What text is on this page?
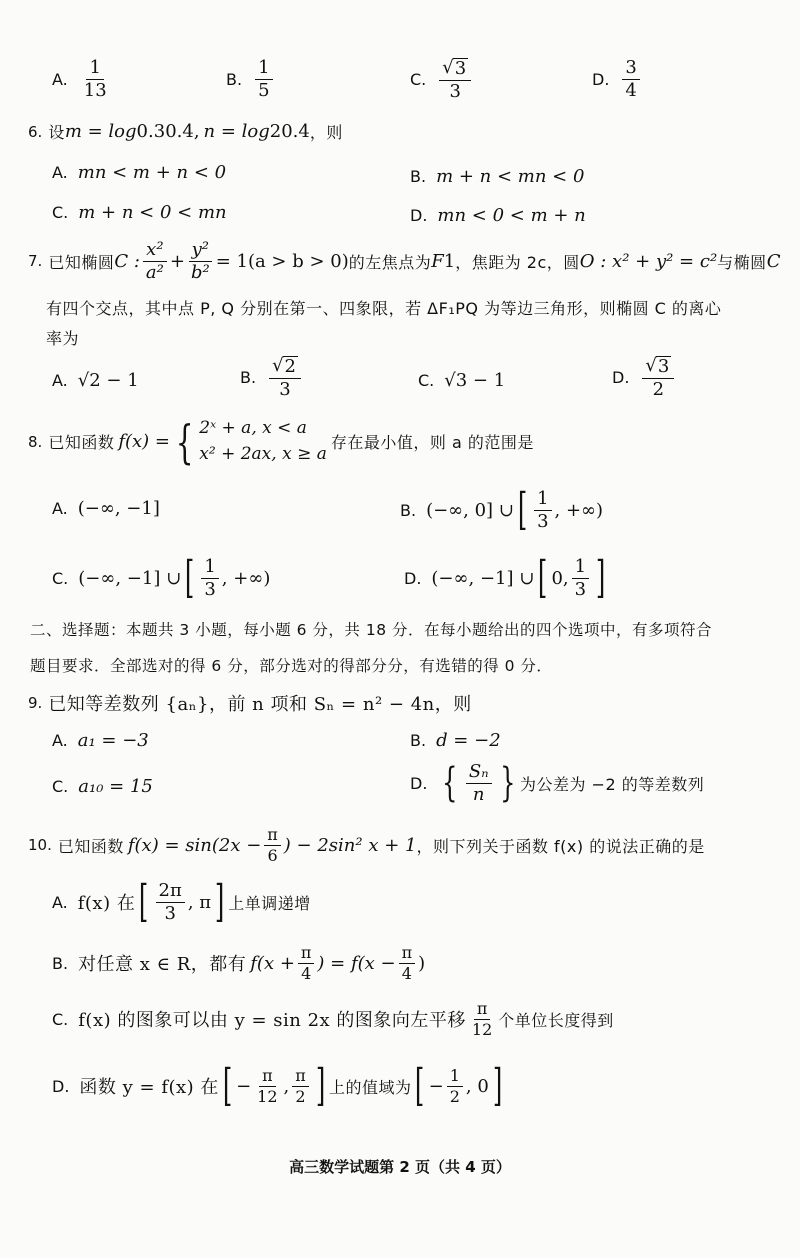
A. $\frac{1}{13}$	B. $\frac{1}{5}$	C. $\frac{√ 3}{3}$	D. $\frac{3}{4}$
6. 设 m = log 0.3 0.4, n = log 2 0.4 ，则
A. mn < m + n < 0	B. m + n < mn < 0
C. m + n < 0 < mn	D. mn < 0 < m + n
7. 已知椭圆 C : $\frac{\text{x²}}{\text{a²}} + \frac{\text{y²}}{\text{b²}} = 1(a > b > 0)$ 的左焦点为 F 1 ，焦距为 2c，圆 O : x² + y² = c² 与椭圆 C
有四个交点，其中点 P, Q 分别在第一、四象限，若 ΔF₁PQ 为等边三角形，则椭圆 C 的离心
率为
A. √2 − 1	B. $\frac{√ 2}{3}$	C. √3 − 1	D. $\frac{√ 3}{2}$
8. 已知函数 f(x) = { 2ˣ + a, x < a
x² + 2ax, x ≥ a
存在最小值，则 a 的范围是
A. (−∞, −1]	B. (−∞, 0] ∪ [ $\frac{1}{3}$ , +∞)
C. (−∞, −1] ∪ [ $\frac{1}{3}$ , +∞)	D. (−∞, −1] ∪ [ 0, $\frac{1}{3}$ ]
二、选择题：本题共 3 小题，每小题 6 分，共 18 分．在每小题给出的四个选项中，有多项符合
题目要求．全部选对的得 6 分，部分选对的得部分分，有选错的得 0 分．
9. 已知等差数列 {aₙ}，前 n 项和 Sₙ = n² − 4n，则
A. a₁ = −3	B. d = −2
C. a₁₀ = 15	D. { $\frac{\text{Sₙ}}{n}$ } 为公差为 −2 的等差数列
10. 已知函数 $f(x) = \sin(2x - \frac{\pi}{6}$ ) − 2sin² x + 1 ，则下列关于函数 f(x) 的说法正确的是
A. f(x) 在 [ $\frac{2\pi}{3}$ , π ] 上单调递增
B. 对任意 x ∈ R，都有 $f(x + \frac{\pi}{4}$ ) = $f(x - \frac{\pi}{4}$ )
C. f(x) 的图象可以由 y = sin 2x 的图象向左平移 $\frac{\pi}{12}$ 个单位长度得到
D. 函数 y = f(x) 在 [ − $\frac{\pi}{12}$ , $\frac{\pi}{2}$ ] 上的值域为 [ − $\frac{1}{2}$ , 0 ]
高三数学试题第 2 页（共 4 页）
